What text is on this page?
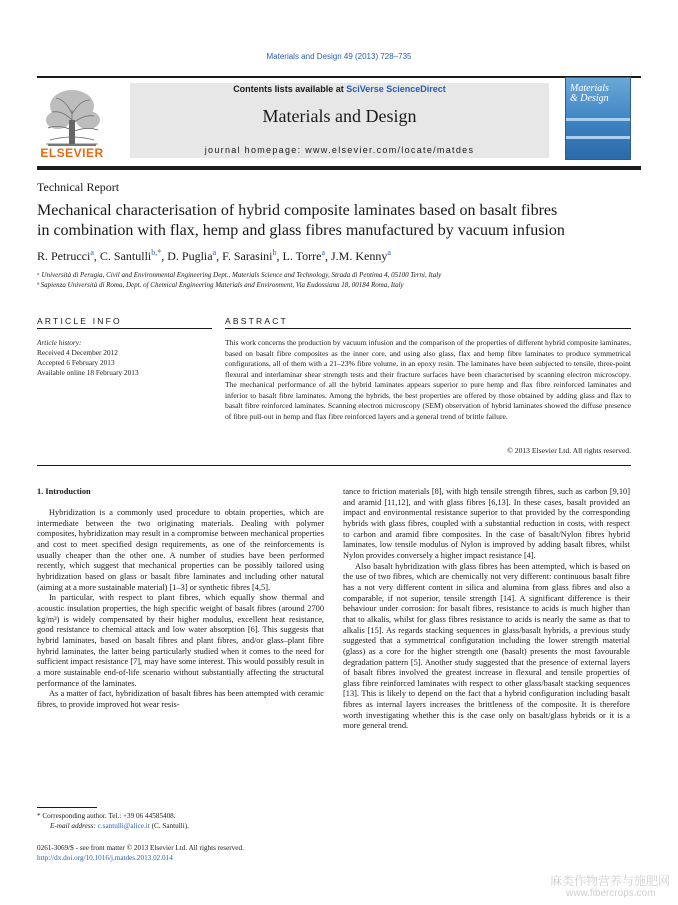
Materials and Design 49 (2013) 728–735
ELSEVIER
Contents lists available at SciVerse ScienceDirect
Materials and Design
journal homepage: www.elsevier.com/locate/matdes
Materials
& Design
Technical Report
Mechanical characterisation of hybrid composite laminates based on basalt fibres
in combination with flax, hemp and glass fibres manufactured by vacuum infusion
R. Petrucci$^a$, C. Santulli$^{b,*}$, D. Puglia$^a$, F. Sarasini$^b$, L. Torre$^a$, J.M. Kenny$^a$
ᵃ Università di Perugia, Civil and Environmental Engineering Dept., Materials Science and Technology, Strada di Pentima 4, 05100 Terni, Italy
ᵇ Sapienza Università di Roma, Dept. of Chemical Engineering Materials and Environment, Via Eudossiana 18, 00184 Roma, Italy
ARTICLE INFO	ABSTRACT
Article history:
Received 4 December 2012
Accepted 6 February 2013
Available online 18 February 2013
This work concerns the production by vacuum infusion and the comparison of the properties of different hybrid composite laminates, based on basalt fibre composites as the inner core, and using also glass, flax and hemp fibre laminates to produce symmetrical configurations, all of them with a 21–23% fibre volume, in an epoxy resin. The laminates have been subjected to tensile, three-point flexural and interlaminar shear strength tests and their fracture surfaces have been characterised by scanning electron microscopy. The mechanical performance of all the hybrid laminates appears superior to pure hemp and flax fibre reinforced laminates and inferior to basalt fibre laminates. Among the hybrids, the best properties are offered by those obtained by adding glass and flax to basalt fibre reinforced laminates. Scanning electron microscopy (SEM) observation of hybrid laminates showed the diffuse presence of fibre pull-out in hemp and flax fibre reinforced layers and a general trend of brittle failure.
© 2013 Elsevier Ltd. All rights reserved.
1. Introduction

Hybridization is a commonly used procedure to obtain properties, which are intermediate between the two originating materials. Dealing with polymer composites, hybridization may result in a compromise between mechanical properties and cost to meet specified design requirements, as one of the reinforcements is usually cheaper than the other one. A number of studies have been performed recently, which suggest that mechanical properties can be possibly tailored using hybridization based on glass or basalt fibre laminates and including other natural (aiming at a more sustainable material) [1–3] or synthetic fibres [4,5].

In particular, with respect to plant fibres, which equally show thermal and acoustic insulation properties, the high specific weight of basalt fibres (around 2700 kg/m³) is widely compensated by their higher modulus, excellent heat resistance, good resistance to chemical attack and low water absorption [6]. This suggests that hybrid laminates, based on basalt fibres and plant fibres, and/or glass–plant fibre hybrid laminates, the latter being particularly studied when it comes to the need for sufficient impact resistance [7], may have some interest. This would possibly result in a more sustainable end-of-life scenario without substantially affecting the structural performance of the laminates.

As a matter of fact, hybridization of basalt fibres has been attempted with ceramic fibres, to provide improved hot wear resis-

tance to friction materials [8], with high tensile strength fibres, such as carbon [9,10] and aramid [11,12], and with glass fibres [6,13]. In these cases, basalt provided an impact and environmental resistance superior to that provided by the corresponding hybrids with glass fibres, coupled with a substantial reduction in costs, with respect to carbon and aramid fibre composites. In the case of basalt/Nylon fibres hybrid laminates, low tensile modulus of Nylon is improved by adding basalt fibres, whilst Nylon provides conversely a higher impact resistance [4].

Also basalt hybridization with glass fibres has been attempted, which is based on the use of two fibres, which are chemically not very different: continuous basalt fibre has a not very different content in silica and alumina from glass fibres and also a comparable, if not superior, tensile strength [14]. A significant difference is their behaviour under corrosion: for basalt fibres, resistance to acids is much higher than that to alkalis, whilst for glass fibres resistance to acids is nearly the same as that to alkalis [15]. As regards stacking sequences in glass/basalt hybrids, a previous study suggested that a symmetrical configuration including the lower strength material (glass) as a core for the higher strength one (basalt) presents the most favourable degradation pattern [5]. Another study suggested that the presence of external layers of basalt fibres involved the greatest increase in flexural and tensile properties of glass fibre reinforced laminates with respect to other glass/basalt stacking sequences [13]. This is likely to depend on the fact that a hybrid configuration including basalt fibres as internal layers increases the brittleness of the composite. It is therefore worth investigating whether this is the case only on basalt/glass hybrids or it is a more general trend.

* Corresponding author. Tel.: +39 06 44585408.
E-mail address: c.santulli@alice.it (C. Santulli).
0261-3069/$ - see front matter © 2013 Elsevier Ltd. All rights reserved.
http://dx.doi.org/10.1016/j.matdes.2013.02.014
麻类作物营养与施肥网
www.fibercrops.com
